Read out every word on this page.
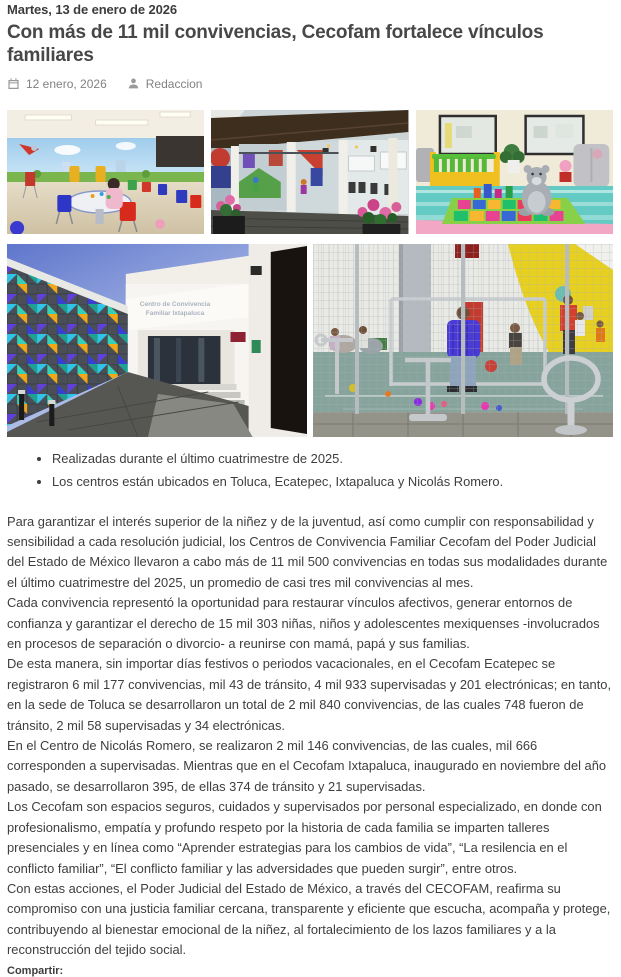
Martes, 13 de enero de 2026
Con más de 11 mil convivencias, Cecofam fortalece vínculos familiares
12 enero, 2026	Redaccion
Centro de Convivencia Familiar Ixtapaluca
• Realizadas durante el último cuatrimestre de 2025.
• Los centros están ubicados en Toluca, Ecatepec, Ixtapaluca y Nicolás Romero.

Para garantizar el interés superior de la niñez y de la juventud, así como cumplir con responsabilidad y sensibilidad a cada resolución judicial, los Centros de Convivencia Familiar Cecofam del Poder Judicial del Estado de México llevaron a cabo más de 11 mil 500 convivencias en todas sus modalidades durante el último cuatrimestre del 2025, un promedio de casi tres mil convivencias al mes.

Cada convivencia representó la oportunidad para restaurar vínculos afectivos, generar entornos de confianza y garantizar el derecho de 15 mil 303 niñas, niños y adolescentes mexiquenses -involucrados en procesos de separación o divorcio- a reunirse con mamá, papá y sus familias.

De esta manera, sin importar días festivos o periodos vacacionales, en el Cecofam Ecatepec se registraron 6 mil 177 convivencias, mil 43 de tránsito, 4 mil 933 supervisadas y 201 electrónicas; en tanto, en la sede de Toluca se desarrollaron un total de 2 mil 840 convivencias, de las cuales 748 fueron de tránsito, 2 mil 58 supervisadas y 34 electrónicas.

En el Centro de Nicolás Romero, se realizaron 2 mil 146 convivencias, de las cuales, mil 666 corresponden a supervisadas. Mientras que en el Cecofam Ixtapaluca, inaugurado en noviembre del año pasado, se desarrollaron 395, de ellas 374 de tránsito y 21 supervisadas.

Los Cecofam son espacios seguros, cuidados y supervisados por personal especializado, en donde con profesionalismo, empatía y profundo respeto por la historia de cada familia se imparten talleres presenciales y en línea como “Aprender estrategias para los cambios de vida”, “La resilencia en el conflicto familiar”, “El conflicto familiar y las adversidades que pueden surgir”, entre otros.

Con estas acciones, el Poder Judicial del Estado de México, a través del CECOFAM, reafirma su compromiso con una justicia familiar cercana, transparente y eficiente que escucha, acompaña y protege, contribuyendo al bienestar emocional de la niñez, al fortalecimiento de los lazos familiares y a la reconstrucción del tejido social.

Compartir:
